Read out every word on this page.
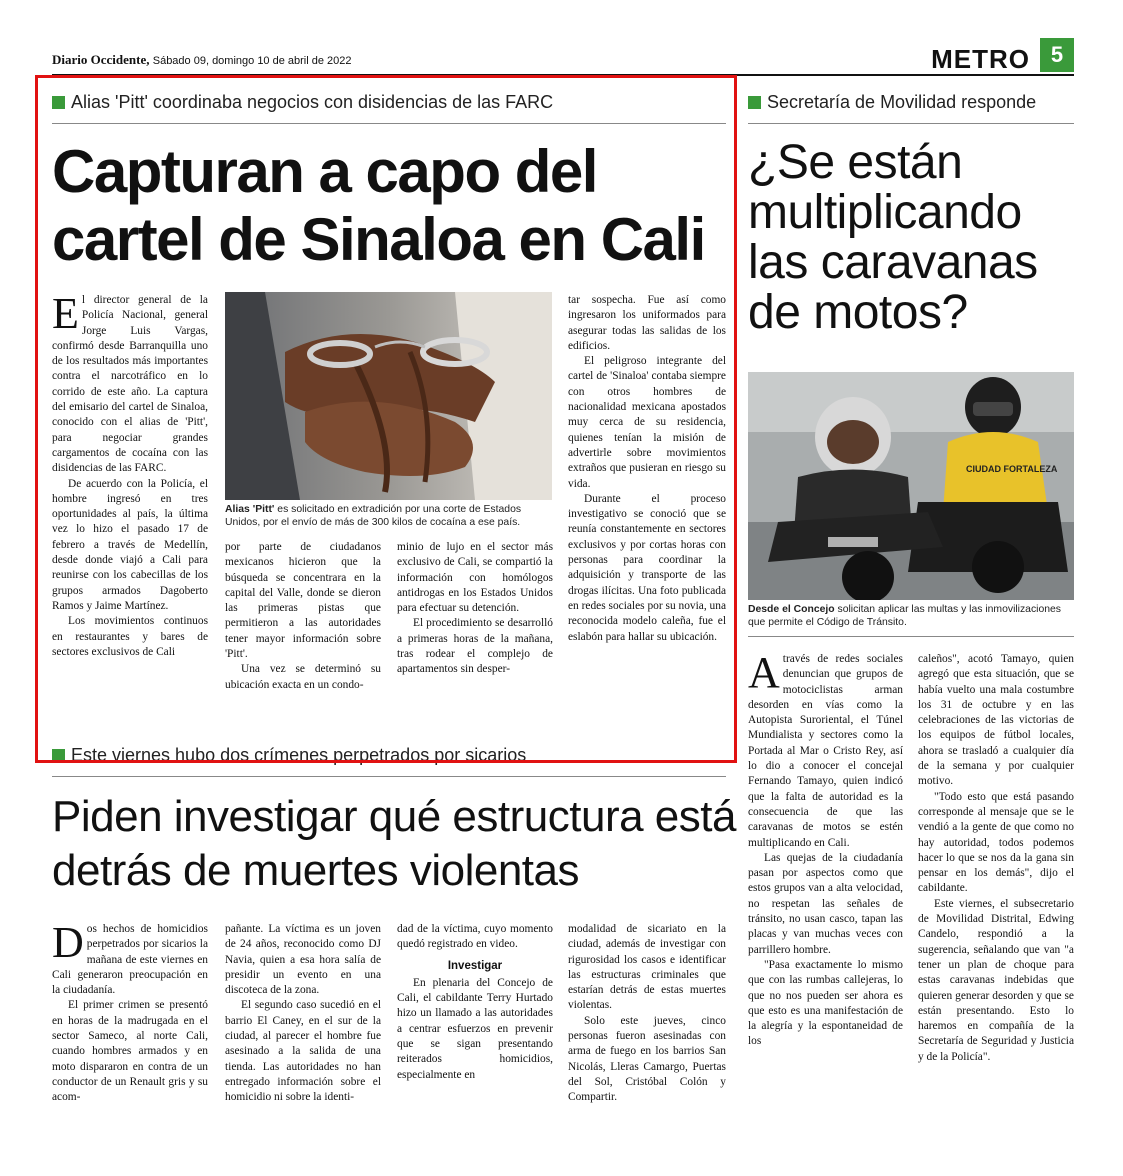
Diario Occidente, Sábado 09, domingo 10 de abril de 2022	METRO 5
Alias 'Pitt' coordinaba negocios con disidencias de las FARC
Capturan a capo del cartel de Sinaloa en Cali

El director general de la Policía Nacional, general Jorge Luis Vargas, confirmó desde Barranquilla uno de los resultados más importantes contra el narcotráfico en lo corrido de este año. La captura del emisario del cartel de Sinaloa, conocido con el alias de 'Pitt', para negociar grandes cargamentos de cocaína con las disidencias de las FARC.

De acuerdo con la Policía, el hombre ingresó en tres oportunidades al país, la última vez lo hizo el pasado 17 de febrero a través de Medellín, desde donde viajó a Cali para reunirse con los cabecillas de los grupos armados Dagoberto Ramos y Jaime Martínez.

Los movimientos continuos en restaurantes y bares de sectores exclusivos de Cali

Alias 'Pitt' es solicitado en extradición por una corte de Estados Unidos, por el envío de más de 300 kilos de cocaína a ese país.

por parte de ciudadanos mexicanos hicieron que la búsqueda se concentrara en la capital del Valle, donde se dieron las primeras pistas que permitieron a las autoridades tener mayor información sobre 'Pitt'.

Una vez se determinó su ubicación exacta en un condo-

minio de lujo en el sector más exclusivo de Cali, se compartió la información con homólogos antidrogas en los Estados Unidos para efectuar su detención.

El procedimiento se desarrolló a primeras horas de la mañana, tras rodear el complejo de apartamentos sin desper-

tar sospecha. Fue así como ingresaron los uniformados para asegurar todas las salidas de los edificios.

El peligroso integrante del cartel de 'Sinaloa' contaba siempre con otros hombres de nacionalidad mexicana apostados muy cerca de su residencia, quienes tenían la misión de advertirle sobre movimientos extraños que pusieran en riesgo su vida.

Durante el proceso investigativo se conoció que se reunía constantemente en sectores exclusivos y por cortas horas con personas para coordinar la adquisición y transporte de las drogas ilícitas. Una foto publicada en redes sociales por su novia, una reconocida modelo caleña, fue el eslabón para hallar su ubicación.

Secretaría de Movilidad responde
¿Se están multiplicando las caravanas de motos?
CIUDAD FORTALEZA
Desde el Concejo solicitan aplicar las multas y las inmovilizaciones que permite el Código de Tránsito.

Através de redes sociales denuncian que grupos de motociclistas arman desorden en vías como la Autopista Suroriental, el Túnel Mundialista y sectores como la Portada al Mar o Cristo Rey, así lo dio a conocer el concejal Fernando Tamayo, quien indicó que la falta de autoridad es la consecuencia de que las caravanas de motos se estén multiplicando en Cali.

Las quejas de la ciudadanía pasan por aspectos como que estos grupos van a alta velocidad, no respetan las señales de tránsito, no usan casco, tapan las placas y van muchas veces con parrillero hombre.

"Pasa exactamente lo mismo que con las rumbas callejeras, lo que no nos pueden ser ahora es que esto es una manifestación de la alegría y la espontaneidad de los

caleños", acotó Tamayo, quien agregó que esta situación, que se había vuelto una mala costumbre los 31 de octubre y en las celebraciones de las victorias de los equipos de fútbol locales, ahora se trasladó a cualquier día de la semana y por cualquier motivo.

"Todo esto que está pasando corresponde al mensaje que se le vendió a la gente de que como no hay autoridad, todos podemos hacer lo que se nos da la gana sin pensar en los demás", dijo el cabildante.

Este viernes, el subsecretario de Movilidad Distrital, Edwing Candelo, respondió a la sugerencia, señalando que van "a tener un plan de choque para estas caravanas indebidas que quieren generar desorden y que se están presentando. Esto lo haremos en compañía de la Secretaría de Seguridad y Justicia y de la Policía".

Este viernes hubo dos crímenes perpetrados por sicarios
Piden investigar qué estructura está detrás de muertes violentas

Dos hechos de homicidios perpetrados por sicarios la mañana de este viernes en Cali generaron preocupación en la ciudadanía.

El primer crimen se presentó en horas de la madrugada en el sector Sameco, al norte Cali, cuando hombres armados y en moto dispararon en contra de un conductor de un Renault gris y su acom-

pañante. La víctima es un joven de 24 años, reconocido como DJ Navia, quien a esa hora salía de presidir un evento en una discoteca de la zona.

El segundo caso sucedió en el barrio El Caney, en el sur de la ciudad, al parecer el hombre fue asesinado a la salida de una tienda. Las autoridades no han entregado información sobre el homicidio ni sobre la identi-

dad de la víctima, cuyo momento quedó registrado en video.

Investigar

En plenaria del Concejo de Cali, el cabildante Terry Hurtado hizo un llamado a las autoridades a centrar esfuerzos en prevenir que se sigan presentando reiterados homicidios, especialmente en

modalidad de sicariato en la ciudad, además de investigar con rigurosidad los casos e identificar las estructuras criminales que estarían detrás de estas muertes violentas.

Solo este jueves, cinco personas fueron asesinadas con arma de fuego en los barrios San Nicolás, Lleras Camargo, Puertas del Sol, Cristóbal Colón y Compartir.
